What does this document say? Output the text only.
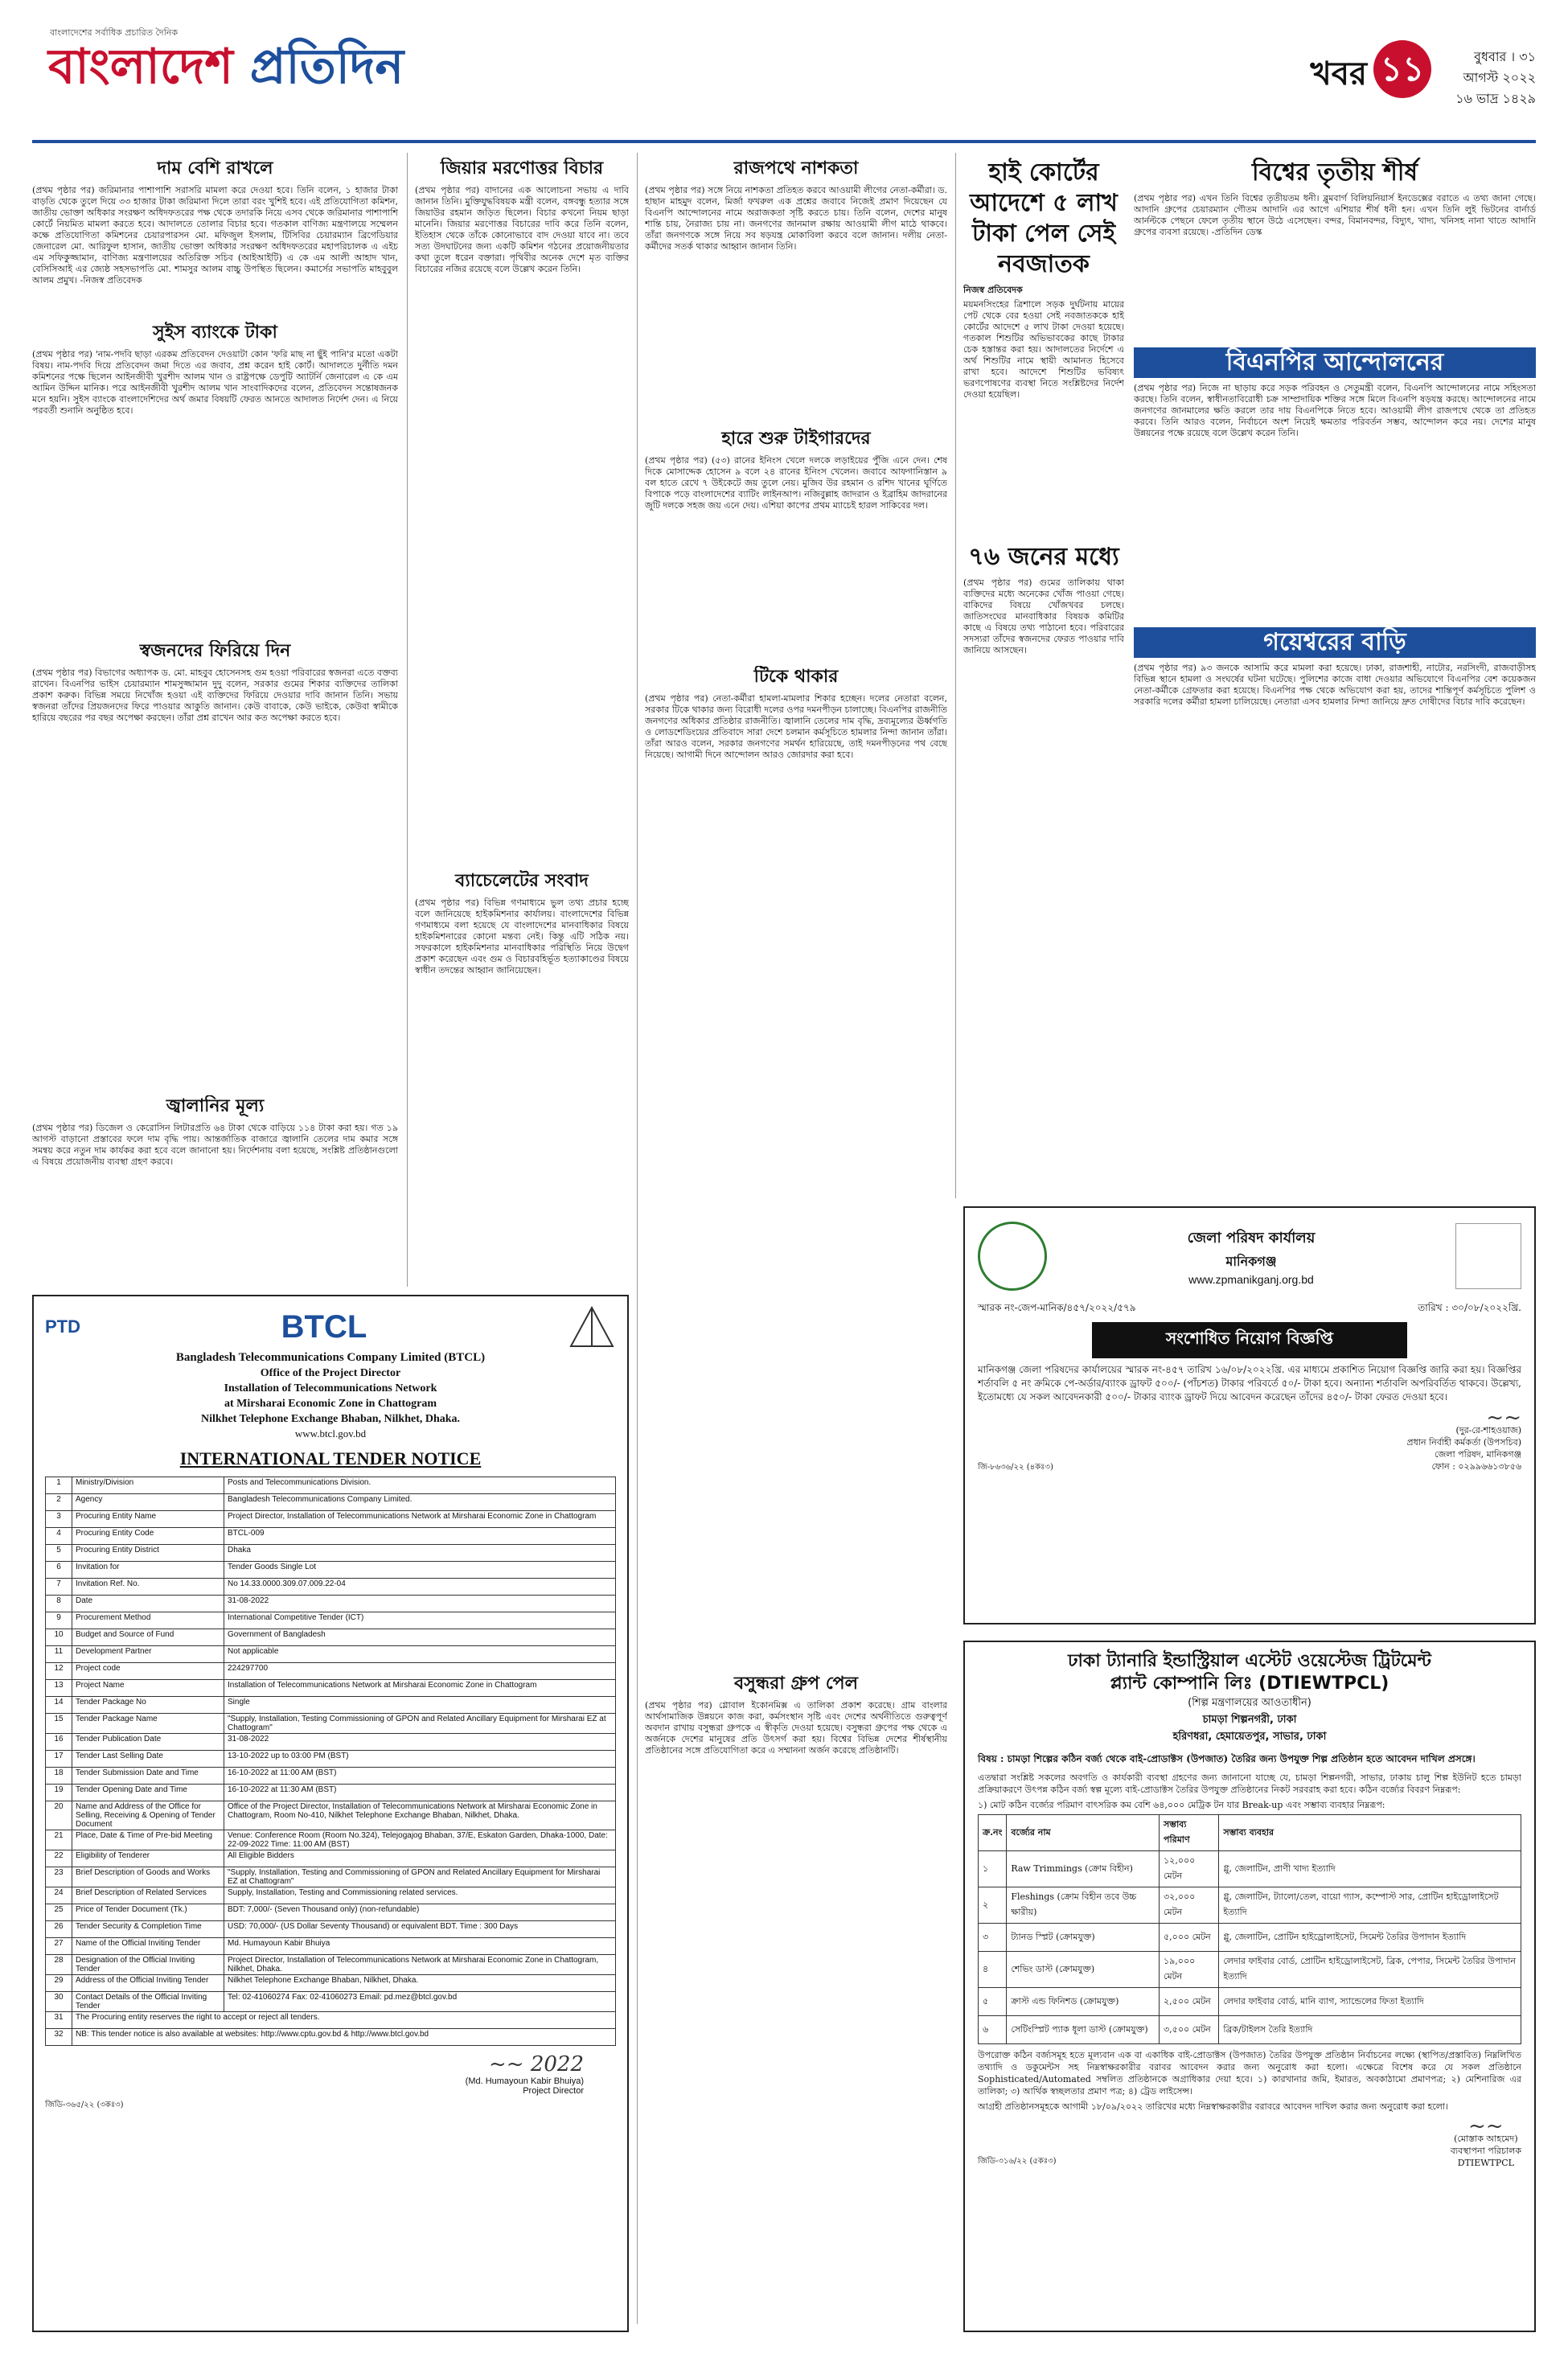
বাংলাদেশের সর্বাধিক প্রচারিত দৈনিক
বাংলাদেশ প্রতিদিন	খবর ১১	বুধবার । ৩১ আগস্ট ২০২২
১৬ ভাদ্র ১৪২৯
দাম বেশি রাখলে
(প্রথম পৃষ্ঠার পর) জরিমানার পাশাপাশি সরাসরি মামলা করে দেওয়া হবে। তিনি বলেন, ১ হাজার টাকা বাড়তি থেকে তুলে দিয়ে ৩৩ হাজার টাকা জরিমানা দিলে তারা বরং খুশিই হবে। এই প্রতিযোগিতা কমিশন, জাতীয় ভোক্তা অধিকার সংরক্ষণ অধিদফতরের পক্ষ থেকে তদারকি নিয়ে এসব থেকে জরিমানার পাশাপাশি কোর্টে নিয়মিত মামলা করতে হবে। আদালতে তোলার বিচার হবে। গতকাল বাণিজ্য মন্ত্রণালয়ে সম্মেলন কক্ষে প্রতিযোগিতা কমিশনের চেয়ারপারসন মো. মফিজুল ইসলাম, টিসিবির চেয়ারম্যান ব্রিগেডিয়ার জেনারেল মো. আরিফুল হাসান, জাতীয় ভোক্তা অধিকার সংরক্ষণ অধিদফতরের মহাপরিচালক এ এইচ এম সফিকুজ্জামান, বাণিজ্য মন্ত্রণালয়ের অতিরিক্ত সচিব (আইআইটি) এ কে এম আলী আহাদ খান, বেসিসিআই এর জ্যেষ্ঠ সহসভাপতি মো. শামসুর আলম বাচ্চু উপস্থিত ছিলেন। কমার্সের সভাপতি মাহবুবুল আলম প্রমুখ। -নিজস্ব প্রতিবেদক
সুইস ব্যাংকে টাকা
(প্রথম পৃষ্ঠার পর) 'নাম-পদবি ছাড়া এরকম প্রতিবেদন দেওয়াটা কোন 'ফরি মাছ না ছুঁই পানি'র মতো একটা বিষয়। নাম-পদবি দিয়ে প্রতিবেদন জমা দিতে এর জবাব, প্রশ্ন করেন হাই কোর্ট। আদালতে দুর্নীতি দমন কমিশনের পক্ষে ছিলেন আইনজীবী খুরশীদ আলম খান ও রাষ্ট্রপক্ষে ডেপুটি অ্যাটর্নি জেনারেল এ কে এম আমিন উদ্দিন মানিক। পরে আইনজীবী খুরশীদ আলম খান সাংবাদিকদের বলেন, প্রতিবেদন সন্তোষজনক মনে হয়নি। সুইস ব্যাংকে বাংলাদেশিদের অর্থ জমার বিষয়টি ফেরত আনতে আদালত নির্দেশ দেন। এ নিয়ে পরবর্তী শুনানি অনুষ্ঠিত হবে।
স্বজনদের ফিরিয়ে দিন
(প্রথম পৃষ্ঠার পর) বিভাগের অধ্যাপক ড. মো. মাহবুব হোসেনসহ গুম হওয়া পরিবারের স্বজনরা এতে বক্তব্য রাখেন। বিএনপির ভাইস চেয়ারম্যান শামসুজ্জামান দুদু বলেন, সরকার গুমের শিকার ব্যক্তিদের তালিকা প্রকাশ করুক। বিভিন্ন সময়ে নিখোঁজ হওয়া এই ব্যক্তিদের ফিরিয়ে দেওয়ার দাবি জানান তিনি। সভায় স্বজনরা তাঁদের প্রিয়জনদের ফিরে পাওয়ার আকুতি জানান। কেউ বাবাকে, কেউ ভাইকে, কেউবা স্বামীকে হারিয়ে বছরের পর বছর অপেক্ষা করছেন। তাঁরা প্রশ্ন রাখেন আর কত অপেক্ষা করতে হবে।
জ্বালানির মূল্য
(প্রথম পৃষ্ঠার পর) ডিজেল ও কেরোসিন লিটারপ্রতি ৬৪ টাকা থেকে বাড়িয়ে ১১৪ টাকা করা হয়। গত ১৯ আগস্ট বাড়ানো প্রস্তাবের ফলে দাম বৃদ্ধি পায়। আন্তর্জাতিক বাজারে জ্বালানি তেলের দাম কমার সঙ্গে সমন্বয় করে নতুন দাম কার্যকর করা হবে বলে জানানো হয়। নির্দেশনায় বলা হয়েছে, সংশ্লিষ্ট প্রতিষ্ঠানগুলো এ বিষয়ে প্রয়োজনীয় ব্যবস্থা গ্রহণ করবে।
জিয়ার মরণোত্তর বিচার
(প্রথম পৃষ্ঠার পর) বাদানের এক আলোচনা সভায় এ দাবি জানান তিনি। মুক্তিযুদ্ধবিষয়ক মন্ত্রী বলেন, বঙ্গবন্ধু হত্যার সঙ্গে জিয়াউর রহমান জড়িত ছিলেন। বিচার কখনো নিয়ম ছাড়া মানেনি। জিয়ার মরণোত্তর বিচারের দাবি করে তিনি বলেন, ইতিহাস থেকে তাঁকে কোনোভাবে বাদ দেওয়া যাবে না। তবে সত্য উদঘাটনের জন্য একটি কমিশন গঠনের প্রয়োজনীয়তার কথা তুলে ধরেন বক্তারা। পৃথিবীর অনেক দেশে মৃত ব্যক্তির বিচারের নজির রয়েছে বলে উল্লেখ করেন তিনি।
ব্যাচেলেটের সংবাদ
(প্রথম পৃষ্ঠার পর) বিভিন্ন গণমাধ্যমে ভুল তথ্য প্রচার হচ্ছে বলে জানিয়েছে হাইকমিশনার কার্যালয়। বাংলাদেশের বিভিন্ন গণমাধ্যমে বলা হয়েছে যে বাংলাদেশের মানবাধিকার বিষয়ে হাইকমিশনারের কোনো মন্তব্য নেই। কিন্তু এটি সঠিক নয়। সফরকালে হাইকমিশনার মানবাধিকার পরিস্থিতি নিয়ে উদ্বেগ প্রকাশ করেছেন এবং গুম ও বিচারবহির্ভূত হত্যাকাণ্ডের বিষয়ে স্বাধীন তদন্তের আহ্বান জানিয়েছেন।
রাজপথে নাশকতা
(প্রথম পৃষ্ঠার পর) সঙ্গে নিয়ে নাশকতা প্রতিহত করবে আওয়ামী লীগের নেতা-কর্মীরা। ড. হাছান মাহমুদ বলেন, মির্জা ফখরুল এক প্রশ্নের জবাবে নিজেই প্রমাণ দিয়েছেন যে বিএনপি আন্দোলনের নামে অরাজকতা সৃষ্টি করতে চায়। তিনি বলেন, দেশের মানুষ শান্তি চায়, নৈরাজ্য চায় না। জনগণের জানমাল রক্ষায় আওয়ামী লীগ মাঠে থাকবে। তাঁরা জনগণকে সঙ্গে নিয়ে সব ষড়যন্ত্র মোকাবিলা করবে বলে জানান। দলীয় নেতা-কর্মীদের সতর্ক থাকার আহ্বান জানান তিনি।
হারে শুরু টাইগারদের
(প্রথম পৃষ্ঠার পর) (৫৩) রানের ইনিংস খেলে দলকে লড়াইয়ের পুঁজি এনে দেন। শেষ দিকে মোসাদ্দেক হোসেন ৯ বলে ২৪ রানের ইনিংস খেলেন। জবাবে আফগানিস্তান ৯ বল হাতে রেখে ৭ উইকেটে জয় তুলে নেয়। মুজিব উর রহমান ও রশিদ খানের ঘূর্ণিতে বিপাকে পড়ে বাংলাদেশের ব্যাটিং লাইনআপ। নজিবুল্লাহ জাদরান ও ইব্রাহিম জাদরানের জুটি দলকে সহজ জয় এনে দেয়। এশিয়া কাপের প্রথম ম্যাচেই হারল সাকিবের দল।
টিকে থাকার
(প্রথম পৃষ্ঠার পর) নেতা-কর্মীরা হামলা-মামলার শিকার হচ্ছেন। দলের নেতারা বলেন, সরকার টিকে থাকার জন্য বিরোধী দলের ওপর দমনপীড়ন চালাচ্ছে। বিএনপির রাজনীতি জনগণের অধিকার প্রতিষ্ঠার রাজনীতি। জ্বালানি তেলের দাম বৃদ্ধি, দ্রব্যমূল্যের ঊর্ধ্বগতি ও লোডশেডিংয়ের প্রতিবাদে সারা দেশে চলমান কর্মসূচিতে হামলার নিন্দা জানান তাঁরা। তাঁরা আরও বলেন, সরকার জনগণের সমর্থন হারিয়েছে, তাই দমনপীড়নের পথ বেছে নিয়েছে। আগামী দিনে আন্দোলন আরও জোরদার করা হবে।
হাই কোর্টের আদেশে ৫ লাখ টাকা পেল সেই নবজাতক
নিজস্ব প্রতিবেদক
ময়মনসিংহের ত্রিশালে সড়ক দুর্ঘটনায় মায়ের পেট থেকে বের হওয়া সেই নবজাতককে হাই কোর্টের আদেশে ৫ লাখ টাকা দেওয়া হয়েছে। গতকাল শিশুটির অভিভাবকের কাছে টাকার চেক হস্তান্তর করা হয়। আদালতের নির্দেশে এ অর্থ শিশুটির নামে স্থায়ী আমানত হিসেবে রাখা হবে। আদেশে শিশুটির ভবিষ্যৎ ভরণপোষণের ব্যবস্থা নিতে সংশ্লিষ্টদের নির্দেশ দেওয়া হয়েছিল।
৭৬ জনের মধ্যে
(প্রথম পৃষ্ঠার পর) গুমের তালিকায় থাকা ব্যক্তিদের মধ্যে অনেকের খোঁজ পাওয়া গেছে। বাকিদের বিষয়ে খোঁজখবর চলছে। জাতিসংঘের মানবাধিকার বিষয়ক কমিটির কাছে এ বিষয়ে তথ্য পাঠানো হবে। পরিবারের সদস্যরা তাঁদের স্বজনদের ফেরত পাওয়ার দাবি জানিয়ে আসছেন।
বিশ্বের তৃতীয় শীর্ষ
(প্রথম পৃষ্ঠার পর) এখন তিনি বিশ্বের তৃতীয়তম ধনী। ব্লুমবার্গ বিলিয়নিয়ার্স ইনডেক্সের বরাতে এ তথ্য জানা গেছে। আদানি গ্রুপের চেয়ারম্যান গৌতম আদানি এর আগে এশিয়ার শীর্ষ ধনী হন। এখন তিনি লুই ভিটনের বার্নার্ড আর্নল্টকে পেছনে ফেলে তৃতীয় স্থানে উঠে এসেছেন। বন্দর, বিমানবন্দর, বিদ্যুৎ, খাদ্য, খনিসহ নানা খাতে আদানি গ্রুপের ব্যবসা রয়েছে। -প্রতিদিন ডেস্ক
বিএনপির আন্দোলনের
(প্রথম পৃষ্ঠার পর) নিজে না ছাড়ায় করে সড়ক পরিবহন ও সেতুমন্ত্রী বলেন, বিএনপি আন্দোলনের নামে সহিংসতা করছে। তিনি বলেন, স্বাধীনতাবিরোধী চক্র সাম্প্রদায়িক শক্তির সঙ্গে মিলে বিএনপি ষড়যন্ত্র করছে। আন্দোলনের নামে জনগণের জানমালের ক্ষতি করলে তার দায় বিএনপিকে নিতে হবে। আওয়ামী লীগ রাজপথে থেকে তা প্রতিহত করবে। তিনি আরও বলেন, নির্বাচনে অংশ নিয়েই ক্ষমতার পরিবর্তন সম্ভব, আন্দোলন করে নয়। দেশের মানুষ উন্নয়নের পক্ষে রয়েছে বলে উল্লেখ করেন তিনি।
গয়েশ্বরের বাড়ি
(প্রথম পৃষ্ঠার পর) ৯৩ জনকে আসামি করে মামলা করা হয়েছে। ঢাকা, রাজশাহী, নাটোর, নরসিংদী, রাজবাড়ীসহ বিভিন্ন স্থানে হামলা ও সংঘর্ষের ঘটনা ঘটেছে। পুলিশের কাজে বাধা দেওয়ার অভিযোগে বিএনপির বেশ কয়েকজন নেতা-কর্মীকে গ্রেফতার করা হয়েছে। বিএনপির পক্ষ থেকে অভিযোগ করা হয়, তাদের শান্তিপূর্ণ কর্মসূচিতে পুলিশ ও সরকারি দলের কর্মীরা হামলা চালিয়েছে। নেতারা এসব হামলার নিন্দা জানিয়ে দ্রুত দোষীদের বিচার দাবি করেছেন।
বসুন্ধরা গ্রুপ পেল
(প্রথম পৃষ্ঠার পর) গ্লোবাল ইকোনমিক্স এ তালিকা প্রকাশ করেছে। গ্রাম বাংলার আর্থসামাজিক উন্নয়নে কাজ করা, কর্মসংস্থান সৃষ্টি এবং দেশের অর্থনীতিতে গুরুত্বপূর্ণ অবদান রাখায় বসুন্ধরা গ্রুপকে এ স্বীকৃতি দেওয়া হয়েছে। বসুন্ধরা গ্রুপের পক্ষ থেকে এ অর্জনকে দেশের মানুষের প্রতি উৎসর্গ করা হয়। বিশ্বের বিভিন্ন দেশের শীর্ষস্থানীয় প্রতিষ্ঠানের সঙ্গে প্রতিযোগিতা করে এ সম্মাননা অর্জন করেছে প্রতিষ্ঠানটি।
PTD	BTCL
Bangladesh Telecommunications Company Limited (BTCL)
Office of the Project Director
Installation of Telecommunications Network
at Mirsharai Economic Zone in Chattogram
Nilkhet Telephone Exchange Bhaban, Nilkhet, Dhaka.
www.btcl.gov.bd
INTERNATIONAL TENDER NOTICE
1	Ministry/Division	Posts and Telecommunications Division.
2	Agency	Bangladesh Telecommunications Company Limited.
3	Procuring Entity Name	Project Director, Installation of Telecommunications Network at Mirsharai Economic Zone in Chattogram
4	Procuring Entity Code	BTCL-009
5	Procuring Entity District	Dhaka
6	Invitation for	Tender Goods Single Lot
7	Invitation Ref. No.	No 14.33.0000.309.07.009.22-04
8	Date	31-08-2022
9	Procurement Method	International Competitive Tender (ICT)
10	Budget and Source of Fund	Government of Bangladesh
11	Development Partner	Not applicable
12	Project code	224297700
13	Project Name	Installation of Telecommunications Network at Mirsharai Economic Zone in Chattogram
14	Tender Package No	Single
15	Tender Package Name	"Supply, Installation, Testing Commissioning of GPON and Related Ancillary Equipment for Mirsharai EZ at Chattogram"
16	Tender Publication Date	31-08-2022
17	Tender Last Selling Date	13-10-2022 up to 03:00 PM (BST)
18	Tender Submission Date and Time	16-10-2022 at 11:00 AM (BST)
19	Tender Opening Date and Time	16-10-2022 at 11:30 AM (BST)
20	Name and Address of the Office for Selling, Receiving & Opening of Tender Document	Office of the Project Director, Installation of Telecommunications Network at Mirsharai Economic Zone in Chattogram, Room No-410, Nilkhet Telephone Exchange Bhaban, Nilkhet, Dhaka.
21	Place, Date & Time of Pre-bid Meeting	Venue: Conference Room (Room No.324), Telejogajog Bhaban, 37/E, Eskaton Garden, Dhaka-1000, Date: 22-09-2022 Time: 11:00 AM (BST)
22	Eligibility of Tenderer	All Eligible Bidders
23	Brief Description of Goods and Works	"Supply, Installation, Testing and Commissioning of GPON and Related Ancillary Equipment for Mirsharai EZ at Chattogram"
24	Brief Description of Related Services	Supply, Installation, Testing and Commissioning related services.
25	Price of Tender Document (Tk.)	BDT: 7,000/- (Seven Thousand only) (non-refundable)
26	Tender Security & Completion Time	USD: 70,000/- (US Dollar Seventy Thousand) or equivalent BDT. Time : 300 Days
27	Name of the Official Inviting Tender	Md. Humayoun Kabir Bhuiya
28	Designation of the Official Inviting Tender	Project Director, Installation of Telecommunications Network at Mirsharai Economic Zone in Chattogram, Nilkhet, Dhaka.
29	Address of the Official Inviting Tender	Nilkhet Telephone Exchange Bhaban, Nilkhet, Dhaka.
30	Contact Details of the Official Inviting Tender	Tel: 02-41060274 Fax: 02-41060273 Email: pd.mez@btcl.gov.bd
31	The Procuring entity reserves the right to accept or reject all tenders.	
32	NB: This tender notice is also available at websites: http://www.cptu.gov.bd & http://www.btcl.gov.bd	
~~ 2022
(Md. Humayoun Kabir Bhuiya)
Project Director
জিডি-৩৬৫/২২ (৩কঃ৩)
জেলা পরিষদ কার্যালয়
মানিকগঞ্জ
www.zpmanikganj.org.bd
স্মারক নং-জেপ-মানিক/৪৫৭/২০২২/৫৭৯	তারিখ : ৩০/০৮/২০২২খ্রি.
সংশোধিত নিয়োগ বিজ্ঞপ্তি
মানিকগঞ্জ জেলা পরিষদের কার্যালয়ের স্মারক নং-৪৫৭ তারিখ ১৬/০৮/২০২২খ্রি. এর মাধ্যমে প্রকাশিত নিয়োগ বিজ্ঞপ্তি জারি করা হয়। বিজ্ঞপ্তির শর্তাবলি ৫ নং ক্রমিকে পে-অর্ডার/ব্যাংক ড্রাফট ৫০০/- (পাঁচশত) টাকার পরিবর্তে ৫০/- টাকা হবে। অন্যান্য শর্তাবলি অপরিবর্তিত থাকবে। উল্লেখ্য, ইতোমধ্যে যে সকল আবেদনকারী ৫০০/- টাকার ব্যাংক ড্রাফট দিয়ে আবেদন করেছেন তাঁদের ৪৫০/- টাকা ফেরত দেওয়া হবে।
~~
(দুর-রে-শাহওয়াজ)
প্রধান নির্বাহী কর্মকর্তা (উপসচিব)
জেলা পরিষদ, মানিকগঞ্জ
ফোন : ০২৯৯৬৬১৩৮৫৬
জি-৮৬৩৬/২২ (৪কঃ৩)
ঢাকা ট্যানারি ইন্ডাস্ট্রিয়াল এস্টেট ওয়েস্টেজ ট্রিটমেন্ট
প্ল্যান্ট কোম্পানি লিঃ (DTIEWTPCL)
(শিল্প মন্ত্রণালয়ের আওতাধীন)
চামড়া শিল্পনগরী, ঢাকা
হরিণধরা, হেমায়েতপুর, সাভার, ঢাকা
বিষয় : চামড়া শিল্পের কঠিন বর্জ্য থেকে বাই-প্রোডাক্টস (উপজাত) তৈরির জন্য উপযুক্ত শিল্প প্রতিষ্ঠান হতে আবেদন দাখিল প্রসঙ্গে।
এতদ্বারা সংশ্লিষ্ট সকলের অবগতি ও কার্যকারী ব্যবস্থা গ্রহণের জন্য জানানো যাচ্ছে যে, চামড়া শিল্পনগরী, সাভার, ঢাকায় চালু শিল্প ইউনিট হতে চামড়া প্রক্রিয়াকরণে উৎপন্ন কঠিন বর্জ্য স্বল্প মূল্যে বাই-প্রোডাক্টস তৈরির উপযুক্ত প্রতিষ্ঠানের নিকট সরবরাহ করা হবে। কঠিন বর্জ্যের বিবরণ নিম্নরূপ:
১) মোট কঠিন বর্জ্যের পরিমাণ বাৎসরিক কম বেশি ৬৪,০০০ মেট্রিক টন যার Break-up এবং সম্ভাব্য ব্যবহার নিম্নরূপ:
ক্র.নং	বর্জ্যের নাম	সম্ভাব্য পরিমাণ	সম্ভাব্য ব্যবহার
১	Raw Trimmings (ক্রোম বিহীন)	১২,০০০ মেটন	গ্লু, জেলাটিন, প্রাণী খাদ্য ইত্যাদি
২	Fleshings (ক্রোম বিহীন তবে উচ্চ ক্ষারীয়)	৩২,০০০ মেটন	গ্লু, জেলাটিন, ট্যালো/তেল, বায়ো গ্যাস, কম্পোস্ট সার, প্রোটিন হাইড্রোলাইসেট ইত্যাদি
৩	ট্যানড স্প্লিট (ক্রোমযুক্ত)	৫,০০০ মেটন	গ্লু, জেলাটিন, প্রোটিন হাইড্রোলাইসেট, সিমেন্ট তৈরির উপাদান ইত্যাদি
৪	শেভিং ডাস্ট (ক্রোমযুক্ত)	১৯,০০০ মেটন	লেদার ফাইবার বোর্ড, প্রোটিন হাইড্রোলাইসেট, ব্রিক, পেপার, সিমেন্ট তৈরির উপাদান ইত্যাদি
৫	ক্রাস্ট এন্ড ফিনিশড (ক্রোমযুক্ত)	২,৫০০ মেটন	লেদার ফাইবার বোর্ড, মানি ব্যাগ, স্যান্ডেলের ফিতা ইত্যাদি
৬	সেটিংস্প্লিট প্যাক ধূলা ডাস্ট (ক্রোমযুক্ত)	৩,৫০০ মেটন	ব্রিক/টাইলস তৈরি ইত্যাদি
উপরোক্ত কঠিন বর্জ্যসমূহ হতে মূল্যবান এক বা একাধিক বাই-প্রোডাক্টস (উপজাত) তৈরির উপযুক্ত প্রতিষ্ঠান নির্বাচনের লক্ষ্যে (স্থাপিত/প্রস্তাবিত) নিম্নলিখিত তথ্যাদি ও ডকুমেন্টস সহ নিম্নস্বাক্ষরকারীর বরাবর আবেদন করার জন্য অনুরোধ করা হলো। এক্ষেত্রে বিশেষ করে যে সকল প্রতিষ্ঠানে Sophisticated/Automated সম্বলিত প্রতিষ্ঠানকে অগ্রাধিকার দেয়া হবে। ১) কারখানার জমি, ইমারত, অবকাঠামো প্রমাণপত্র; ২) মেশিনারিজ এর তালিকা; ৩) আর্থিক স্বচ্ছলতার প্রমাণ পত্র; ৪) ট্রেড লাইসেন্স।
আগ্রহী প্রতিষ্ঠানসমূহকে আগামী ১৮/০৯/২০২২ তারিখের মধ্যে নিম্নস্বাক্ষরকারীর বরাবরে আবেদন দাখিল করার জন্য অনুরোধ করা হলো।
জিডি-৩১৬/২২ (৫কঃ৩)
~~
(মোস্তাক আহমেদ)
ব্যবস্থাপনা পরিচালক
DTIEWTPCL
